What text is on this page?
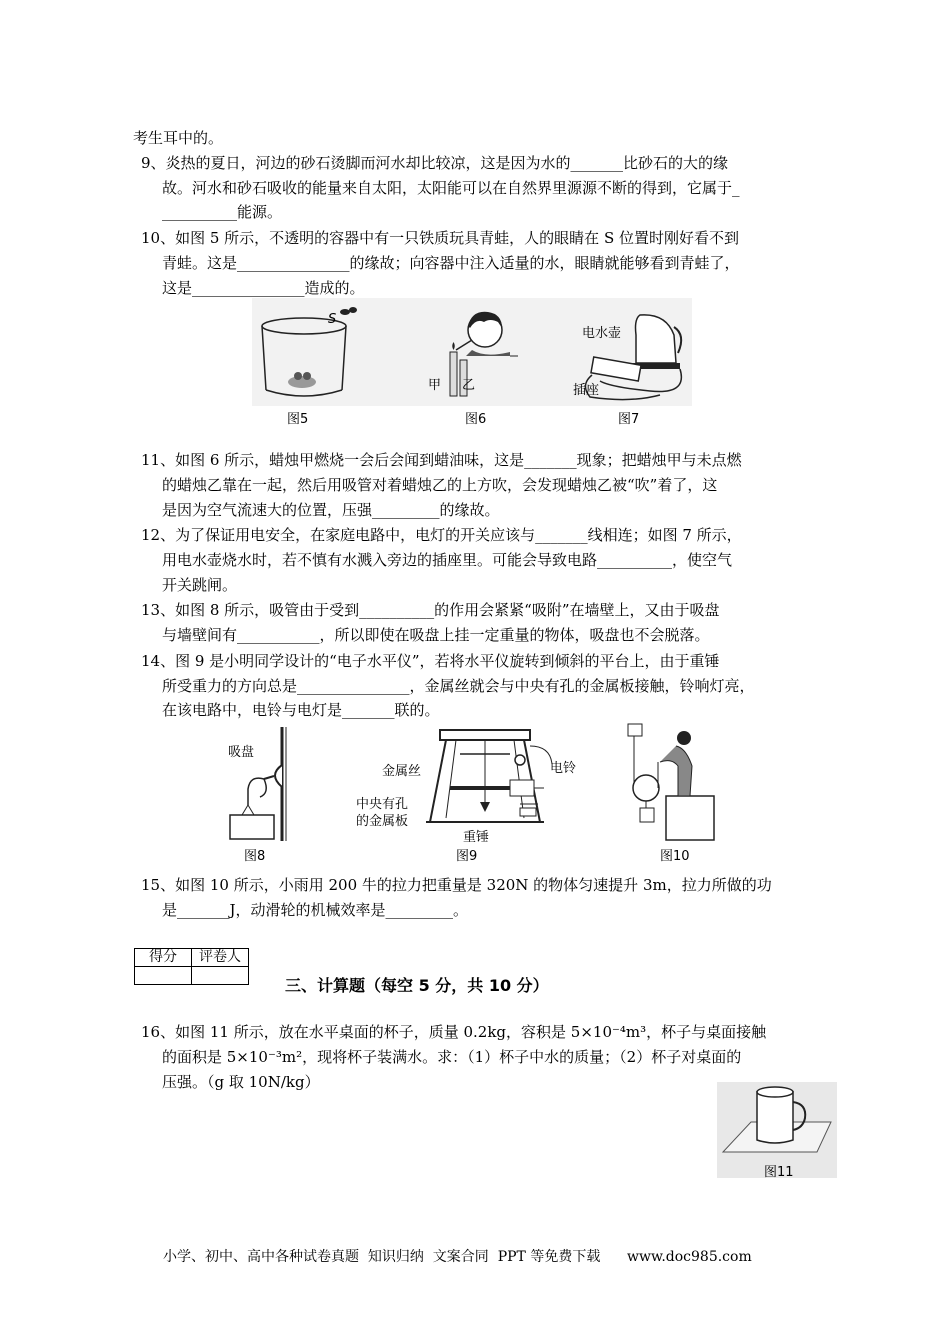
考生耳中的。
9、炎热的夏日，河边的砂石烫脚而河水却比较凉，这是因为水的_______比砂石的大的缘
故。河水和砂石吸收的能量来自太阳，太阳能可以在自然界里源源不断的得到，它属于_
__________能源。
10、如图 5 所示，不透明的容器中有一只铁质玩具青蛙，人的眼睛在 S 位置时刚好看不到
青蛙。这是_______________的缘故；向容器中注入适量的水，眼睛就能够看到青蛙了，
这是_______________造成的。
S
甲 乙
电水壶
插座
图5	图6	图7
11、如图 6 所示，蜡烛甲燃烧一会后会闻到蜡油味，这是_______现象；把蜡烛甲与未点燃
的蜡烛乙靠在一起，然后用吸管对着蜡烛乙的上方吹，会发现蜡烛乙被“吹”着了，这
是因为空气流速大的位置，压强_________的缘故。
12、为了保证用电安全，在家庭电路中，电灯的开关应该与_______线相连；如图 7 所示，
用电水壶烧水时，若不慎有水溅入旁边的插座里。可能会导致电路__________，使空气
开关跳闸。
13、如图 8 所示，吸管由于受到__________的作用会紧紧“吸附”在墙壁上，又由于吸盘
与墙壁间有___________，所以即使在吸盘上挂一定重量的物体，吸盘也不会脱落。
14、图 9 是小明同学设计的“电子水平仪”，若将水平仪旋转到倾斜的平台上，由于重锤
所受重力的方向总是_______________，金属丝就会与中央有孔的金属板接触，铃响灯亮，
在该电路中，电铃与电灯是_______联的。
吸盘
金属丝	电铃
中央有孔
的金属板
重锤
图8	图9	图10
15、如图 10 所示，小雨用 200 牛的拉力把重量是 320N 的物体匀速提升 3m，拉力所做的功
是_______J，动滑轮的机械效率是_________。
得分	评卷人

三、计算题（每空 5 分，共 10 分）
16、如图 11 所示，放在水平桌面的杯子，质量 0.2kg，容积是 5×10⁻⁴m³，杯子与桌面接触
的面积是 5×10⁻³m²，现将杯子装满水。求：（1）杯子中水的质量；（2）杯子对桌面的
压强。（g 取 10N/kg）
图11
小学、初中、高中各种试卷真题  知识归纳  文案合同  PPT 等免费下载      www.doc985.com
